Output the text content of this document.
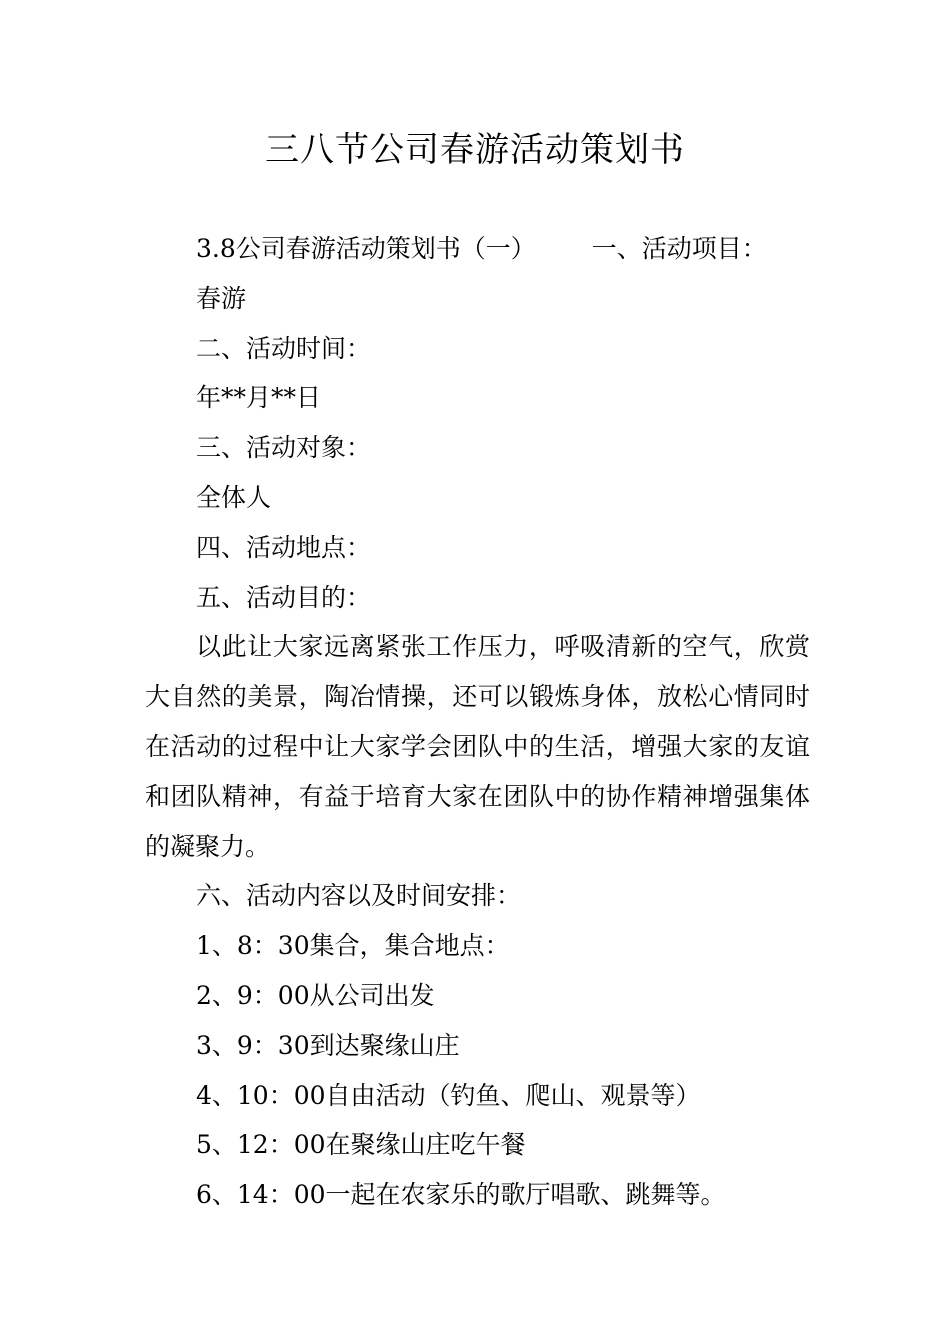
三八节公司春游活动策划书

3.8公司春游活动策划书（一） 一、活动项目：

春游

二、活动时间：

年**月**日

三、活动对象：

全体人

四、活动地点：

五、活动目的：

以此让大家远离紧张工作压力，呼吸清新的空气，欣赏大自然的美景，陶冶情操，还可以锻炼身体，放松心情同时在活动的过程中让大家学会团队中的生活，增强大家的友谊和团队精神，有益于培育大家在团队中的协作精神增强集体的凝聚力。

六、活动内容以及时间安排：

1、8：30集合，集合地点：

2、9：00从公司出发

3、9：30到达聚缘山庄

4、10：00自由活动（钓鱼、爬山、观景等）

5、12：00在聚缘山庄吃午餐

6、14：00一起在农家乐的歌厅唱歌、跳舞等。
